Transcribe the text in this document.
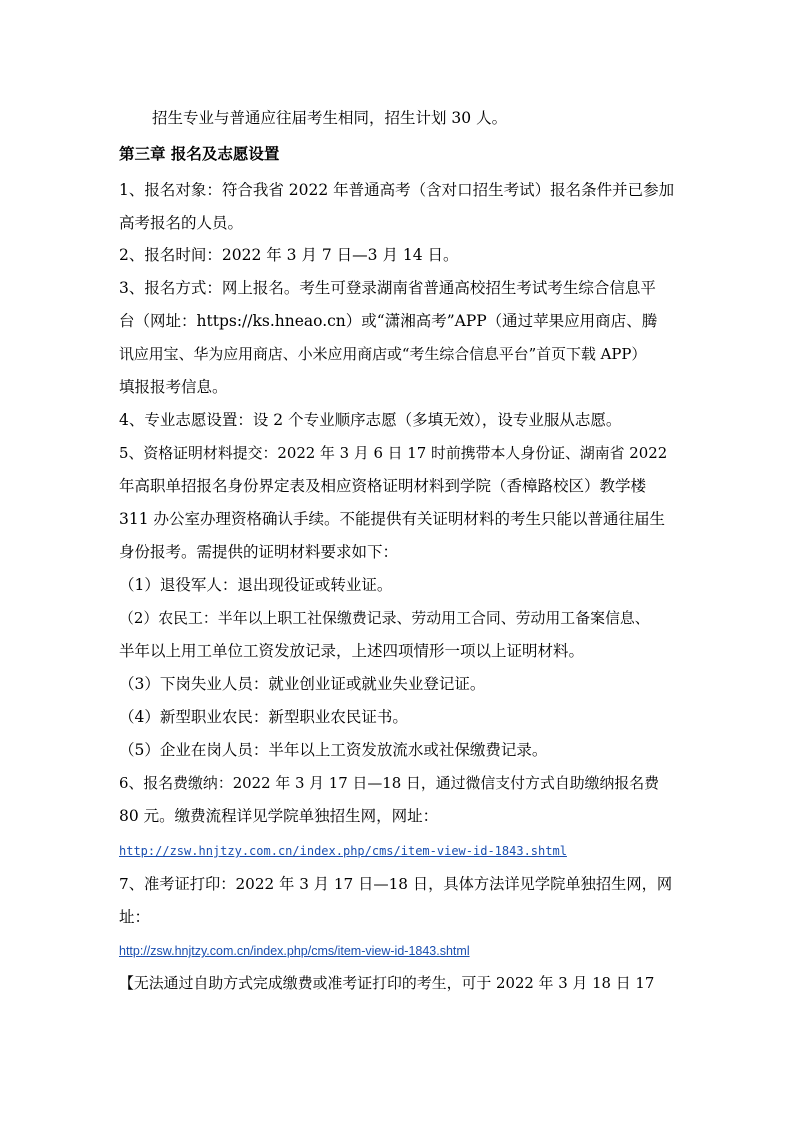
招生专业与普通应往届考生相同，招生计划 30 人。
第三章 报名及志愿设置
1、报名对象：符合我省 2022 年普通高考（含对口招生考试）报名条件并已参加
高考报名的人员。
2、报名时间：2022 年 3 月 7 日—3 月 14 日。
3、报名方式：网上报名。考生可登录湖南省普通高校招生考试考生综合信息平
台（网址：https://ks.hneao.cn）或“潇湘高考”APP（通过苹果应用商店、腾
讯应用宝、华为应用商店、小米应用商店或“考生综合信息平台”首页下载 APP）
填报报考信息。
4、专业志愿设置：设 2 个专业顺序志愿（多填无效），设专业服从志愿。
5、资格证明材料提交：2022 年 3 月 6 日 17 时前携带本人身份证、湖南省 2022
年高职单招报名身份界定表及相应资格证明材料到学院（香樟路校区）教学楼
311 办公室办理资格确认手续。不能提供有关证明材料的考生只能以普通往届生
身份报考。需提供的证明材料要求如下：
（1）退役军人：退出现役证或转业证。
（2）农民工：半年以上职工社保缴费记录、劳动用工合同、劳动用工备案信息、
半年以上用工单位工资发放记录，上述四项情形一项以上证明材料。
（3）下岗失业人员：就业创业证或就业失业登记证。
（4）新型职业农民：新型职业农民证书。
（5）企业在岗人员：半年以上工资发放流水或社保缴费记录。
6、报名费缴纳：2022 年 3 月 17 日—18 日，通过微信支付方式自助缴纳报名费
80 元。缴费流程详见学院单独招生网，网址：
http://zsw.hnjtzy.com.cn/index.php/cms/item-view-id-1843.shtml
7、准考证打印：2022 年 3 月 17 日—18 日，具体方法详见学院单独招生网，网
址：
http://zsw.hnjtzy.com.cn/index.php/cms/item-view-id-1843.shtml
【无法通过自助方式完成缴费或准考证打印的考生，可于 2022 年 3 月 18 日 17
